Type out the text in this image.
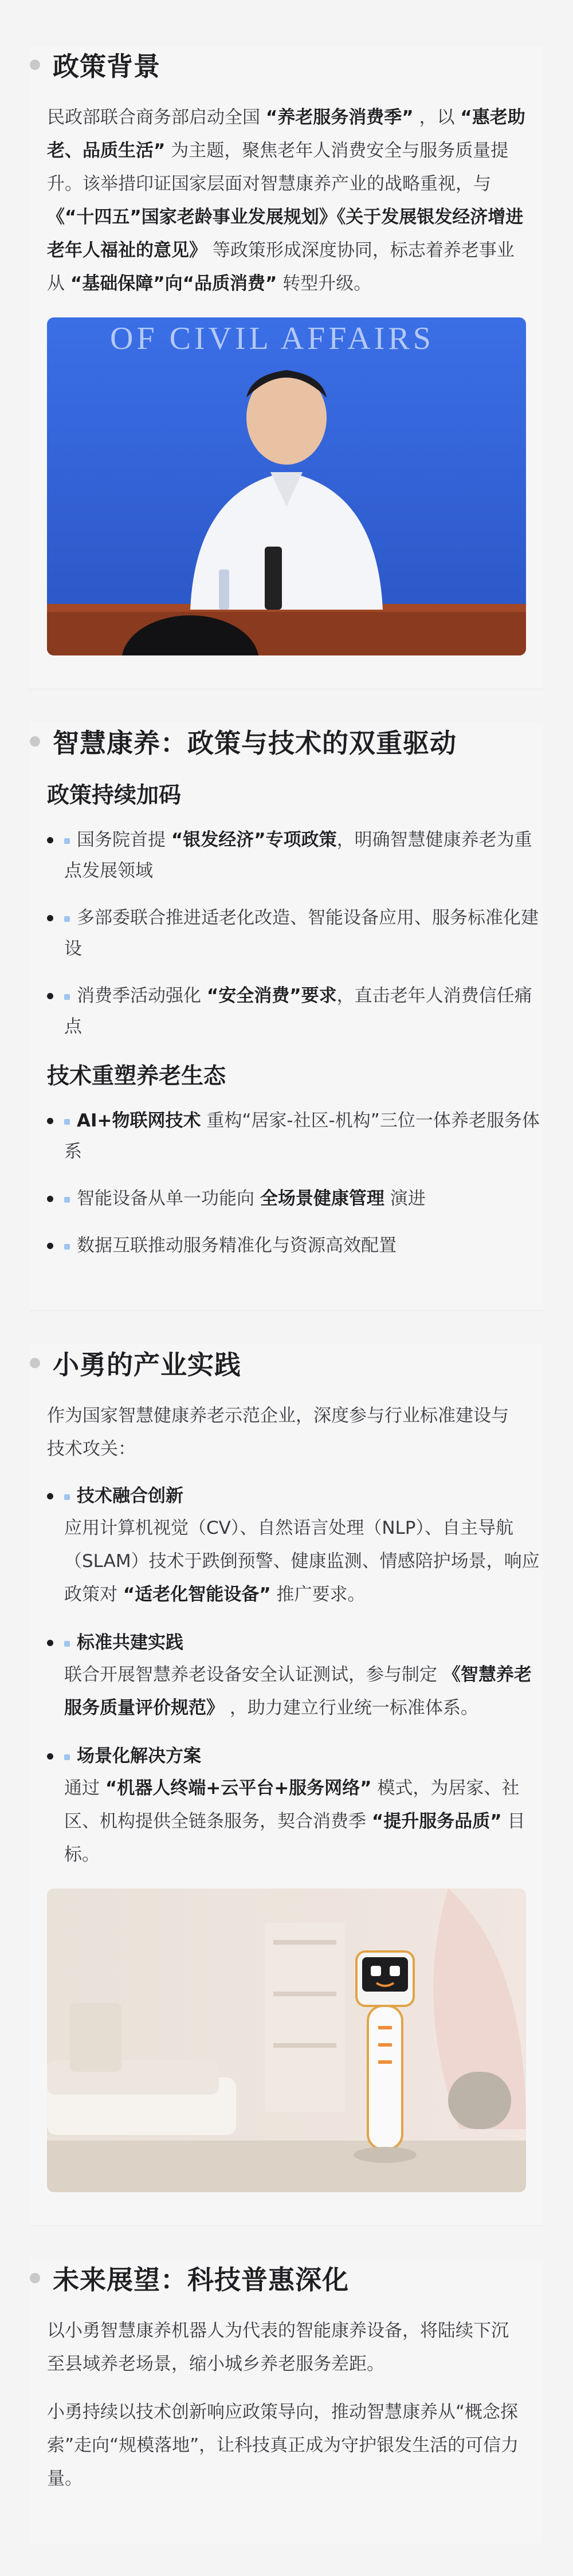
政策背景

民政部联合商务部启动全国 “养老服务消费季” ，以 “惠老助老、品质生活” 为主题，聚焦老年人消费安全与服务质量提升。该举措印证国家层面对智慧康养产业的战略重视，与 《“十四五”国家老龄事业发展规划》《关于发展银发经济增进老年人福祉的意见》 等政策形成深度协同，标志着养老事业从 “基础保障”向“品质消费” 转型升级。

OF CIVIL AFFAIRS
智慧康养：政策与技术的双重驱动
政策持续加码
国务院首提 “银发经济”专项政策，明确智慧健康养老为重点发展领域
多部委联合推进适老化改造、智能设备应用、服务标准化建设
消费季活动强化 “安全消费”要求，直击老年人消费信任痛点
技术重塑养老生态
AI+物联网技术 重构“居家-社区-机构”三位一体养老服务体系
智能设备从单一功能向 全场景健康管理 演进
数据互联推动服务精准化与资源高效配置
小勇的产业实践

作为国家智慧健康养老示范企业，深度参与行业标准建设与技术攻关：

技术融合创新
应用计算机视觉（CV）、自然语言处理（NLP）、自主导航（SLAM）技术于跌倒预警、健康监测、情感陪护场景，响应政策对 “适老化智能设备” 推广要求。
标准共建实践
联合开展智慧养老设备安全认证测试，参与制定 《智慧养老服务质量评价规范》 ，助力建立行业统一标准体系。
场景化解决方案
通过 “机器人终端+云平台+服务网络” 模式，为居家、社区、机构提供全链条服务，契合消费季 “提升服务品质” 目标。
未来展望：科技普惠深化

以小勇智慧康养机器人为代表的智能康养设备，将陆续下沉至县域养老场景，缩小城乡养老服务差距。

小勇持续以技术创新响应政策导向，推动智慧康养从“概念探索”走向“规模落地”，让科技真正成为守护银发生活的可信力量。
